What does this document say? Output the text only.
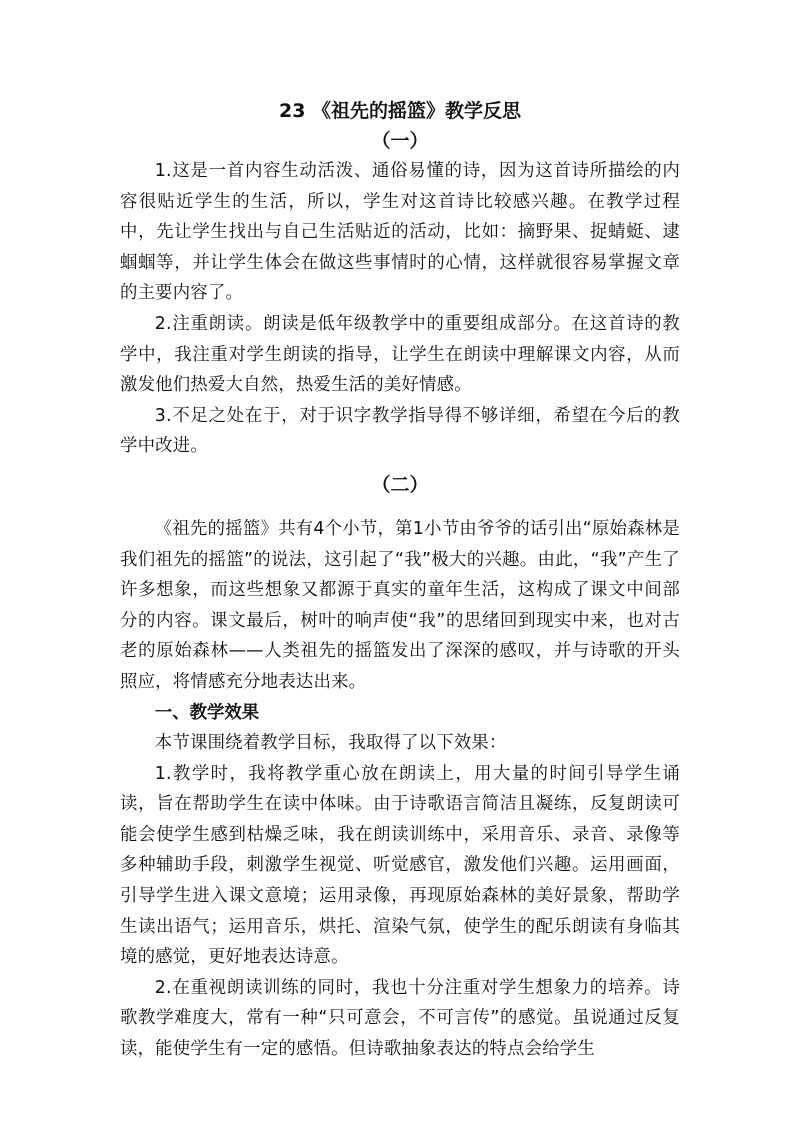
23 《祖先的摇篮》教学反思

（一）

1.这是一首内容生动活泼、通俗易懂的诗，因为这首诗所描绘的内容很贴近学生的生活，所以，学生对这首诗比较感兴趣。在教学过程中，先让学生找出与自己生活贴近的活动，比如：摘野果、捉蜻蜓、逮蝈蝈等，并让学生体会在做这些事情时的心情，这样就很容易掌握文章的主要内容了。

2.注重朗读。朗读是低年级教学中的重要组成部分。在这首诗的教学中，我注重对学生朗读的指导，让学生在朗读中理解课文内容，从而激发他们热爱大自然，热爱生活的美好情感。

3.不足之处在于，对于识字教学指导得不够详细，希望在今后的教学中改进。

（二）

《祖先的摇篮》共有4个小节，第1小节由爷爷的话引出“原始森林是我们祖先的摇篮”的说法，这引起了“我”极大的兴趣。由此，“我”产生了许多想象，而这些想象又都源于真实的童年生活，这构成了课文中间部分的内容。课文最后，树叶的响声使“我”的思绪回到现实中来，也对古老的原始森林——人类祖先的摇篮发出了深深的感叹，并与诗歌的开头照应，将情感充分地表达出来。

一、教学效果

本节课围绕着教学目标，我取得了以下效果：

1.教学时，我将教学重心放在朗读上，用大量的时间引导学生诵读，旨在帮助学生在读中体味。由于诗歌语言简洁且凝练，反复朗读可能会使学生感到枯燥乏味，我在朗读训练中，采用音乐、录音、录像等多种辅助手段，刺激学生视觉、听觉感官，激发他们兴趣。运用画面，引导学生进入课文意境；运用录像，再现原始森林的美好景象，帮助学生读出语气；运用音乐，烘托、渲染气氛，使学生的配乐朗读有身临其境的感觉，更好地表达诗意。

2.在重视朗读训练的同时，我也十分注重对学生想象力的培养。诗歌教学难度大，常有一种“只可意会，不可言传”的感觉。虽说通过反复读，能使学生有一定的感悟。但诗歌抽象表达的特点会给学生
